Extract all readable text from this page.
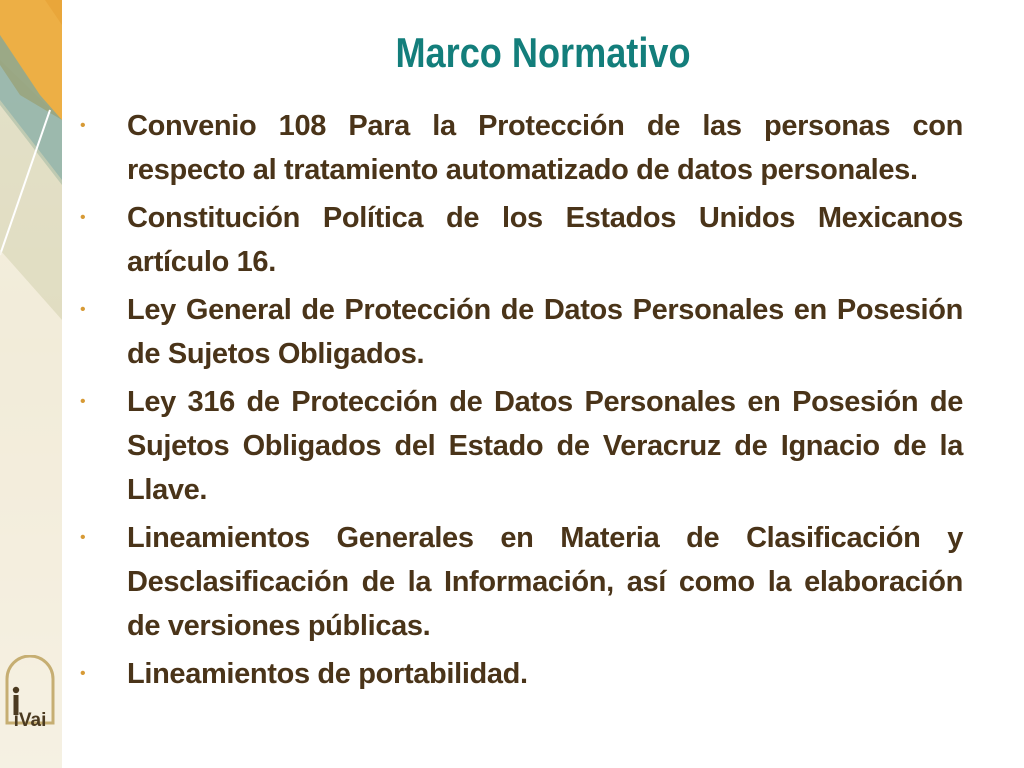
iVai
Marco Normativo
•	Convenio 108 Para la Protección de las personas con respecto al tratamiento automatizado de datos personales.
•	Constitución Política de los Estados Unidos Mexicanos artículo 16.
•	Ley General de Protección de Datos Personales en Posesión de Sujetos Obligados.
•	Ley 316 de Protección de Datos Personales en Posesión de Sujetos Obligados del Estado de Veracruz de Ignacio de la Llave.
•	Lineamientos Generales en Materia de Clasificación y Desclasificación de la Información, así como la elaboración de versiones públicas.
•	Lineamientos de portabilidad.
